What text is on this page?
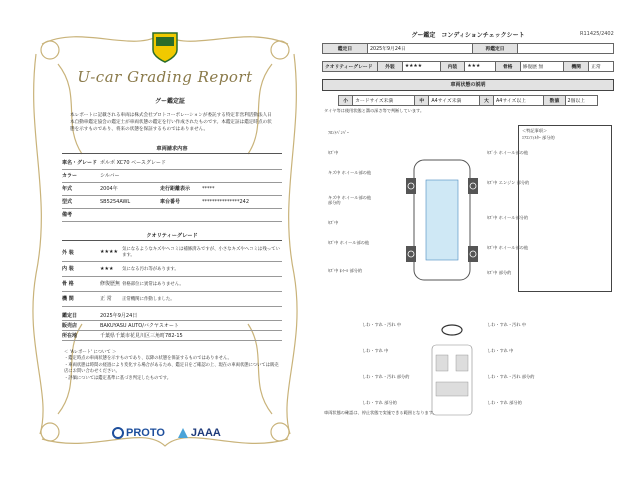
U-car Grading Report
グー鑑定証
本レポートに記載される車両は株式会社プロトコーポレーションが委託する特定非営利活動法人日本自動車鑑定協会の鑑定士が車両状態の鑑定を行い作成されたものです。本鑑定証は鑑定時点の状態を示すものであり、将来の状態を保証するものではありません。
車両請求内容
車名・グレード ボルボ XC70 ベースグレード
カラー	シルバー
年式	2004年	走行距離表示	*****
型式	SB5254AWL	車台番号	***************242
備考
クオリティーグレード
外 装	★★★★ 気になるようなキズやヘコミは補修済みですが、小さなキズやヘコミは残っています。
内 装	★★★	気になる汚れ等があります。
骨 格	修復歴無 骨格部位に異常はありません。
機 関	正 常	正常機関に作動しました。
鑑定日	2025年9月24日
販売店	BAKUYASU AUTO/バクヤスオート
所在地	千葉県千葉市花見川区三角町782-15
＜ 'Aレポート' について ＞
・鑑定時点の車両状態を示すものであり、以降の状態を保証するものではありません。
・車両状態は時間の経過により変化する場合があるため、鑑定日をご確認の上、現在の車両状態については販売店にお問い合わせください。
・評価については鑑定基準に基づき判定したものです。
PROTO JAAA
グー鑑定　コンディションチェックシート	R11425/2402
鑑定日	2025年9月24日	再鑑定日	
クオリティーグレード	外装	★★★★	内装	★★★	骨格	修復歴 無	機関	正常
車両状態の説明
小	カードサイズ未満	中	A4サイズ未満	大	A4サイズ以上	数値	2個以上
タイヤ等は使用状態と溝の深さ等で判断しています。
ﾌﾛﾝﾄﾊﾞﾝﾊﾟｰ
ｷｽﾞ中
キズ中 ホイール部の他
キズ中 ホイール部の他 部分的
ｷｽﾞ中
ｷｽﾞ中 ホイール部の他
ｷｽﾞ中 ﾎｲｰﾙ 部分的
ｷｽﾞ小 ホイール部の他
ｷｽﾞ中 エンジン 部分的
ｷｽﾞ中 ホイール部分的
ｷｽﾞ中 ホイール部の他
ｷｽﾞ中 部分的
＜特記事項＞
ｴｱｺﾝﾌｨﾙﾀｰ 部分的
しわ・すれ・汚れ 中
しわ・すれ 中
しわ・すれ・汚れ 部分的
しわ・すれ 部分的
しわ・すれ・汚れ 中
しわ・すれ 中
しわ・すれ・汚れ 部分的
しわ・すれ 部分的
車両状態の確認は、停止状態で実施できる範囲となります。
